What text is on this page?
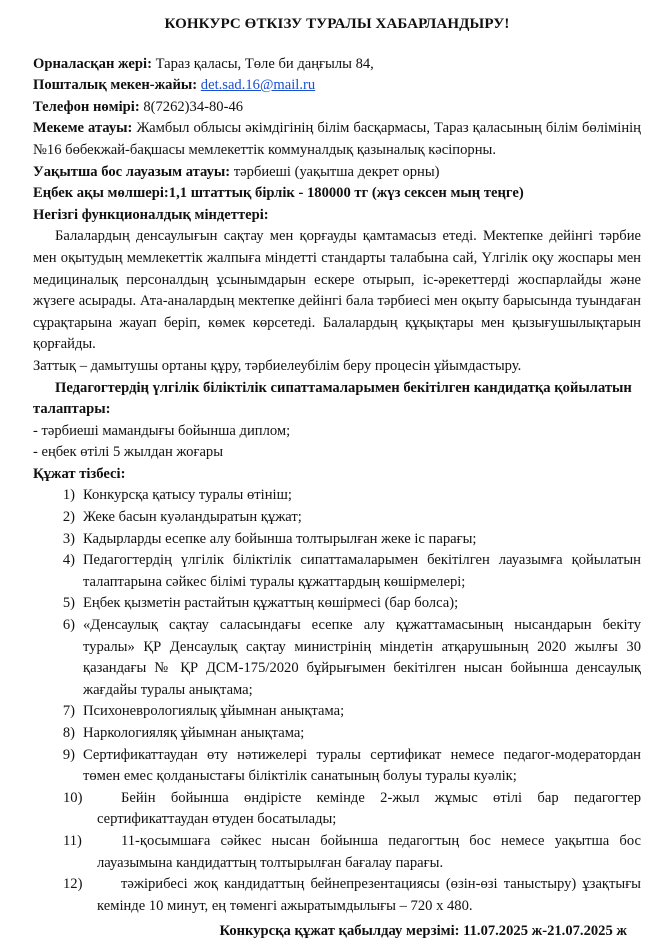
КОНКУРС ӨТКІЗУ ТУРАЛЫ ХАБАРЛАНДЫРУ!

Орналасқан жері: Тараз қаласы, Төле би даңғылы 84,

Пошталық мекен-жайы: det.sad.16@mail.ru

Телефон нөмірі: 8(7262)34-80-46

Мекеме атауы: Жамбыл облысы әкімдігінің білім басқармасы, Тараз қаласының білім бөлімінің №16 бөбекжай-бақшасы мемлекеттік коммуналдық қазыналық кәсіпорны.

Уақытша бос лауазым атауы: тәрбиеші (уақытша декрет орны)

Еңбек ақы мөлшері:1,1 штаттық бірлік - 180000 тг (жүз сексен мың теңге)

Негізгі функционалдық міндеттері:

Балалардың денсаулығын сақтау мен қорғауды қамтамасыз етеді. Мектепке дейінгі тәрбие мен оқытудың мемлекеттік жалпыға міндетті стандарты талабына сай, Үлгілік оқу жоспары мен медициналық персоналдың ұсынымдарын ескере отырып, іс-әрекеттерді жоспарлайды және жүзеге асырады. Ата-аналардың мектепке дейінгі бала тәрбиесі мен оқыту барысында туындаған сұрақтарына жауап беріп, көмек көрсетеді. Балалардың құқықтары мен қызығушылықтарын қорғайды.

Заттық – дамытушы ортаны құру, тәрбиелеубілім беру процесін ұйымдастыру.

Педагогтердің үлгілік біліктілік сипаттамаларымен бекітілген кандидатқа қойылатын талаптары:

- тәрбиеші мамандығы бойынша диплом;

- еңбек өтілі 5 жылдан жоғары

Құжат тізбесі:

1) Конкурсқа қатысу туралы өтініш;
2) Жеке басын куәландыратын құжат;
3) Кадырларды есепке алу бойынша толтырылған жеке іс парағы;
4) Педагогтердің үлгілік біліктілік сипаттамаларымен бекітілген лауазымға қойылатын талаптарына сәйкес білімі туралы құжаттардың көшірмелері;
5) Еңбек қызметін растайтын құжаттың көшірмесі (бар болса);
6) «Денсаулық сақтау саласындағы есепке алу құжаттамасының нысандарын бекіту туралы» ҚР Денсаулық сақтау министрінің міндетін атқарушының 2020 жылғы 30 қазандағы № ҚР ДСМ-175/2020 бұйрығымен бекітілген нысан бойынша денсаулық жағдайы туралы анықтама;
7) Психоневрологиялық ұйымнан анықтама;
8) Наркологияляқ ұйымнан анықтама;
9) Сертификаттаудан өту нәтижелері туралы сертификат немесе педагог-модератордан төмен емес қолданыстағы біліктілік санатының болуы туралы куәлік;
10)	Бейін бойынша өндірісте кемінде 2-жыл жұмыс өтілі бар педагогтер сертификаттаудан өтуден босатылады;
11)	11-қосымшаға сәйкес нысан бойынша педагогтың бос немесе уақытша бос лауазымына кандидаттың толтырылған бағалау парағы.
12)	тәжірибесі жоқ кандидаттың бейнепрезентациясы (өзін-өзі таныстыру) ұзақтығы кемінде 10 минут, ең төменгі ажыратымдылығы – 720 x 480.

Конкурсқа құжат қабылдау мерзімі: 11.07.2025 ж-21.07.2025 ж
